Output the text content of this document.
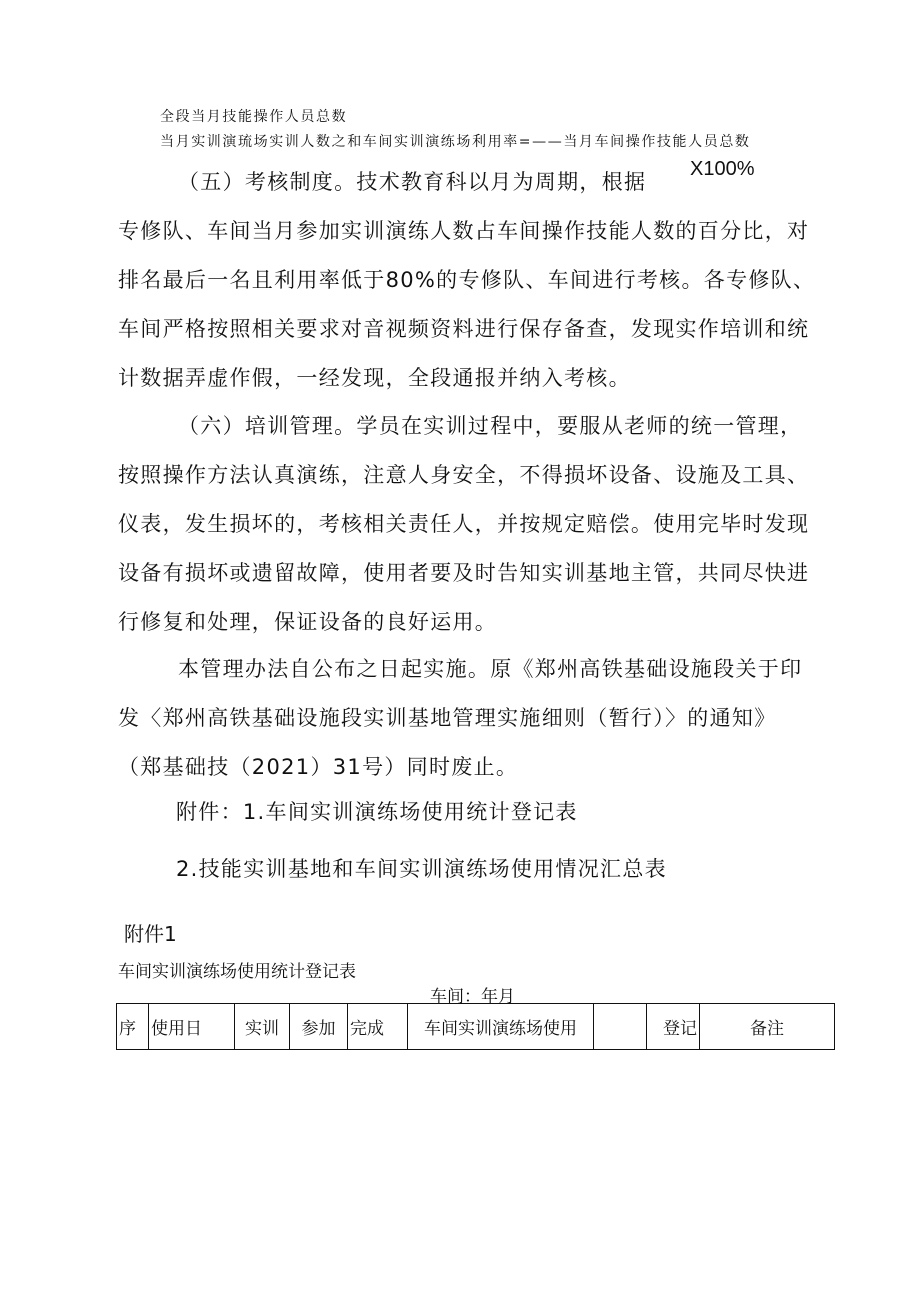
全段当月技能操作人员总数
当月实训演琉场实训人数之和车间实训演练场利用率=——当月车间操作技能人员总数
X100%
（五）考核制度。技术教育科以月为周期，根据
专修队、车间当月参加实训演练人数占车间操作技能人数的百分比，对
排名最后一名且利用率低于80%的专修队、车间进行考核。各专修队、
车间严格按照相关要求对音视频资料进行保存备查，发现实作培训和统
计数据弄虚作假，一经发现，全段通报并纳入考核。
（六）培训管理。学员在实训过程中，要服从老师的统一管理，
按照操作方法认真演练，注意人身安全，不得损坏设备、设施及工具、
仪表，发生损坏的，考核相关责任人，并按规定赔偿。使用完毕时发现
设备有损坏或遗留故障，使用者要及时告知实训基地主管，共同尽快进
行修复和处理，保证设备的良好运用。
本管理办法自公布之日起实施。原《郑州高铁基础设施段关于印
发〈郑州高铁基础设施段实训基地管理实施细则（暂行）〉的通知》
（郑基础技（2021）31号）同时废止。
附件：1.车间实训演练场使用统计登记表
2.技能实训基地和车间实训演练场使用情况汇总表
附件1
车间实训演练场使用统计登记表
车间：年月
序	使用日	实训	参加	完成	车间实训演练场使用		登记	备注
